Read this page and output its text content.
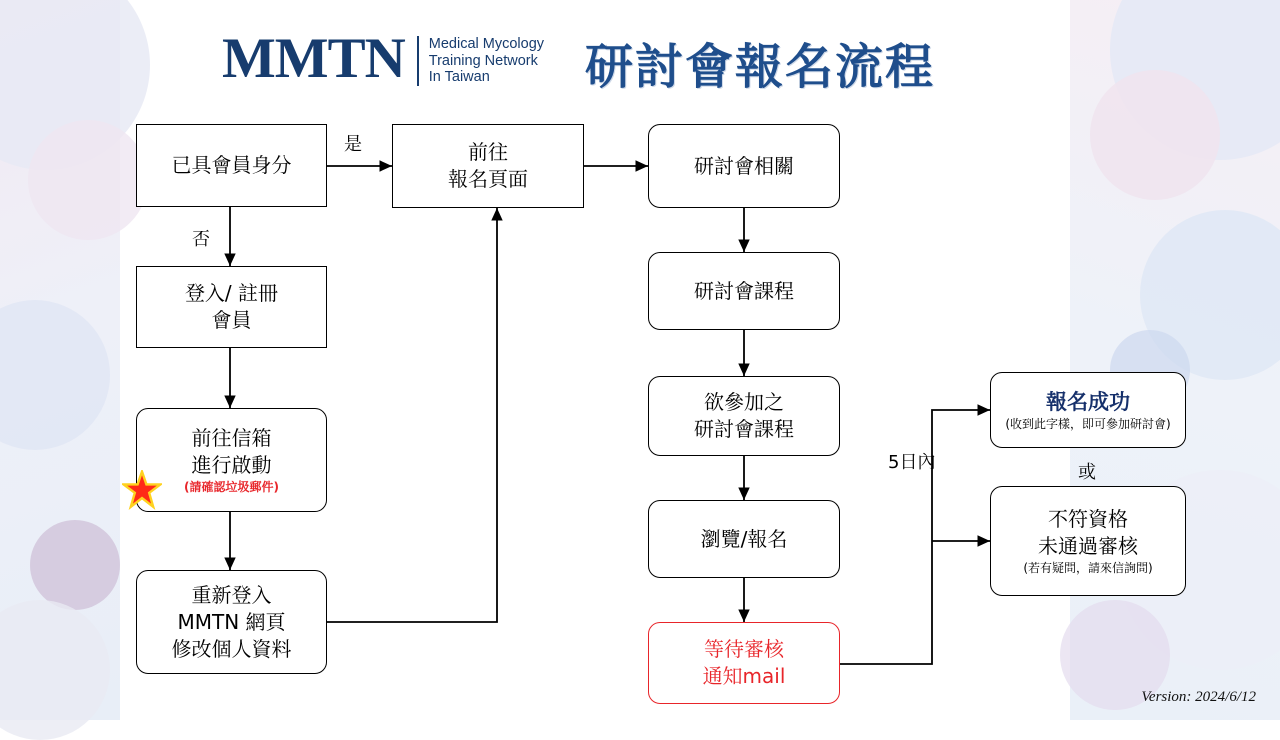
MMTN Medical Mycology
Training Network
In Taiwan	研討會報名流程
已具會員身分
是
否
登入/ 註冊
會員
前往信箱
進行啟動
(請確認垃圾郵件)
重新登入
MMTN 網頁
修改個人資料
前往
報名頁面
研討會相關
研討會課程
欲參加之
研討會課程
瀏覽/報名
等待審核
通知mail
5日內
報名成功
(收到此字樣，即可參加研討會)
或
不符資格
未通過審核
(若有疑問，請來信詢問)
Version: 2024/6/12
